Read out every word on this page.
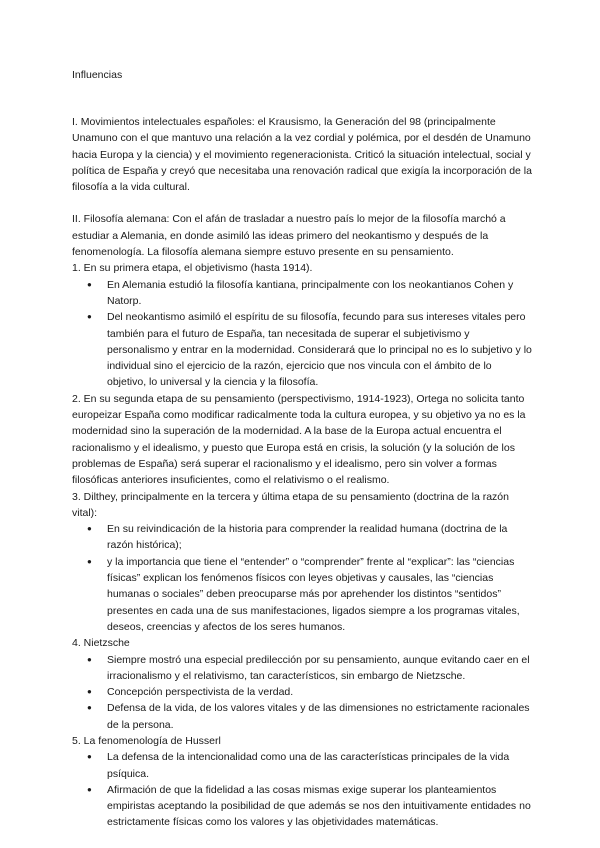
Influencias

I. Movimientos intelectuales españoles: el Krausismo, la Generación del 98 (principalmente Unamuno con el que mantuvo una relación a la vez cordial y polémica, por el desdén de Unamuno hacia Europa y la ciencia) y el movimiento regeneracionista. Criticó la situación intelectual, social y política de España y creyó que necesitaba una renovación radical que exigía la incorporación de la filosofía a la vida cultural.

II. Filosofía alemana: Con el afán de trasladar a nuestro país lo mejor de la filosofía marchó a estudiar a Alemania, en donde asimiló las ideas primero del neokantismo y después de la fenomenología. La filosofía alemana siempre estuvo presente en su pensamiento.

1. En su primera etapa, el objetivismo (hasta 1914).

● En Alemania estudió la filosofía kantiana, principalmente con los neokantianos Cohen y Natorp.
● Del neokantismo asimiló el espíritu de su filosofía, fecundo para sus intereses vitales pero también para el futuro de España, tan necesitada de superar el subjetivismo y personalismo y entrar en la modernidad. Considerará que lo principal no es lo subjetivo y lo individual sino el ejercicio de la razón, ejercicio que nos vincula con el ámbito de lo objetivo, lo universal y la ciencia y la filosofía.

2. En su segunda etapa de su pensamiento (perspectivismo, 1914-1923), Ortega no solicita tanto europeizar España como modificar radicalmente toda la cultura europea, y su objetivo ya no es la modernidad sino la superación de la modernidad. A la base de la Europa actual encuentra el racionalismo y el idealismo, y puesto que Europa está en crisis, la solución (y la solución de los problemas de España) será superar el racionalismo y el idealismo, pero sin volver a formas filosóficas anteriores insuficientes, como el relativismo o el realismo.

3. Dilthey, principalmente en la tercera y última etapa de su pensamiento (doctrina de la razón vital):

● En su reivindicación de la historia para comprender la realidad humana (doctrina de la razón histórica);
● y la importancia que tiene el “entender” o “comprender” frente al “explicar”: las “ciencias físicas” explican los fenómenos físicos con leyes objetivas y causales, las “ciencias humanas o sociales” deben preocuparse más por aprehender los distintos “sentidos” presentes en cada una de sus manifestaciones, ligados siempre a los programas vitales, deseos, creencias y afectos de los seres humanos.

4. Nietzsche

● Siempre mostró una especial predilección por su pensamiento, aunque evitando caer en el irracionalismo y el relativismo, tan característicos, sin embargo de Nietzsche.
● Concepción perspectivista de la verdad.
● Defensa de la vida, de los valores vitales y de las dimensiones no estrictamente racionales de la persona.

5. La fenomenología de Husserl

● La defensa de la intencionalidad como una de las características principales de la vida psíquica.
● Afirmación de que la fidelidad a las cosas mismas exige superar los planteamientos empiristas aceptando la posibilidad de que además se nos den intuitivamente entidades no estrictamente físicas como los valores y las objetividades matemáticas.
